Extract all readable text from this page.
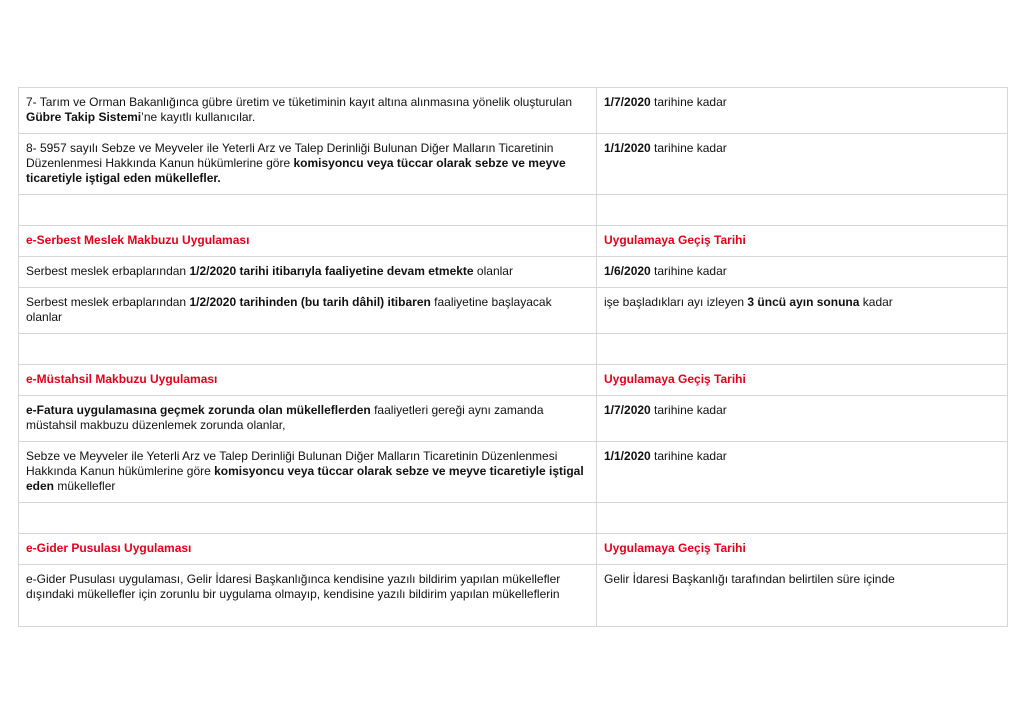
7- Tarım ve Orman Bakanlığınca gübre üretim ve tüketiminin kayıt altına alınmasına yönelik oluşturulan Gübre Takip Sistemi’ne kayıtlı kullanıcılar.	1/7/2020 tarihine kadar
8- 5957 sayılı Sebze ve Meyveler ile Yeterli Arz ve Talep Derinliği Bulunan Diğer Malların Ticaretinin Düzenlenmesi Hakkında Kanun hükümlerine göre komisyoncu veya tüccar olarak sebze ve meyve ticaretiyle iştigal eden mükellefler.	1/1/2020 tarihine kadar

e-Serbest Meslek Makbuzu Uygulaması	Uygulamaya Geçiş Tarihi
Serbest meslek erbaplarından 1/2/2020 tarihi itibarıyla faaliyetine devam etmekte olanlar	1/6/2020 tarihine kadar
Serbest meslek erbaplarından 1/2/2020 tarihinden (bu tarih dâhil) itibaren faaliyetine başlayacak olanlar	işe başladıkları ayı izleyen 3 üncü ayın sonuna kadar

e-Müstahsil Makbuzu Uygulaması	Uygulamaya Geçiş Tarihi
e-Fatura uygulamasına geçmek zorunda olan mükelleflerden faaliyetleri gereği aynı zamanda müstahsil makbuzu düzenlemek zorunda olanlar,	1/7/2020 tarihine kadar
Sebze ve Meyveler ile Yeterli Arz ve Talep Derinliği Bulunan Diğer Malların Ticaretinin Düzenlenmesi Hakkında Kanun hükümlerine göre komisyoncu veya tüccar olarak sebze ve meyve ticaretiyle iştigal eden mükellefler	1/1/2020 tarihine kadar

e-Gider Pusulası Uygulaması	Uygulamaya Geçiş Tarihi
e-Gider Pusulası uygulaması, Gelir İdaresi Başkanlığınca kendisine yazılı bildirim yapılan mükellefler dışındaki mükellefler için zorunlu bir uygulama olmayıp, kendisine yazılı bildirim yapılan mükelleflerin	Gelir İdaresi Başkanlığı tarafından belirtilen süre içinde
